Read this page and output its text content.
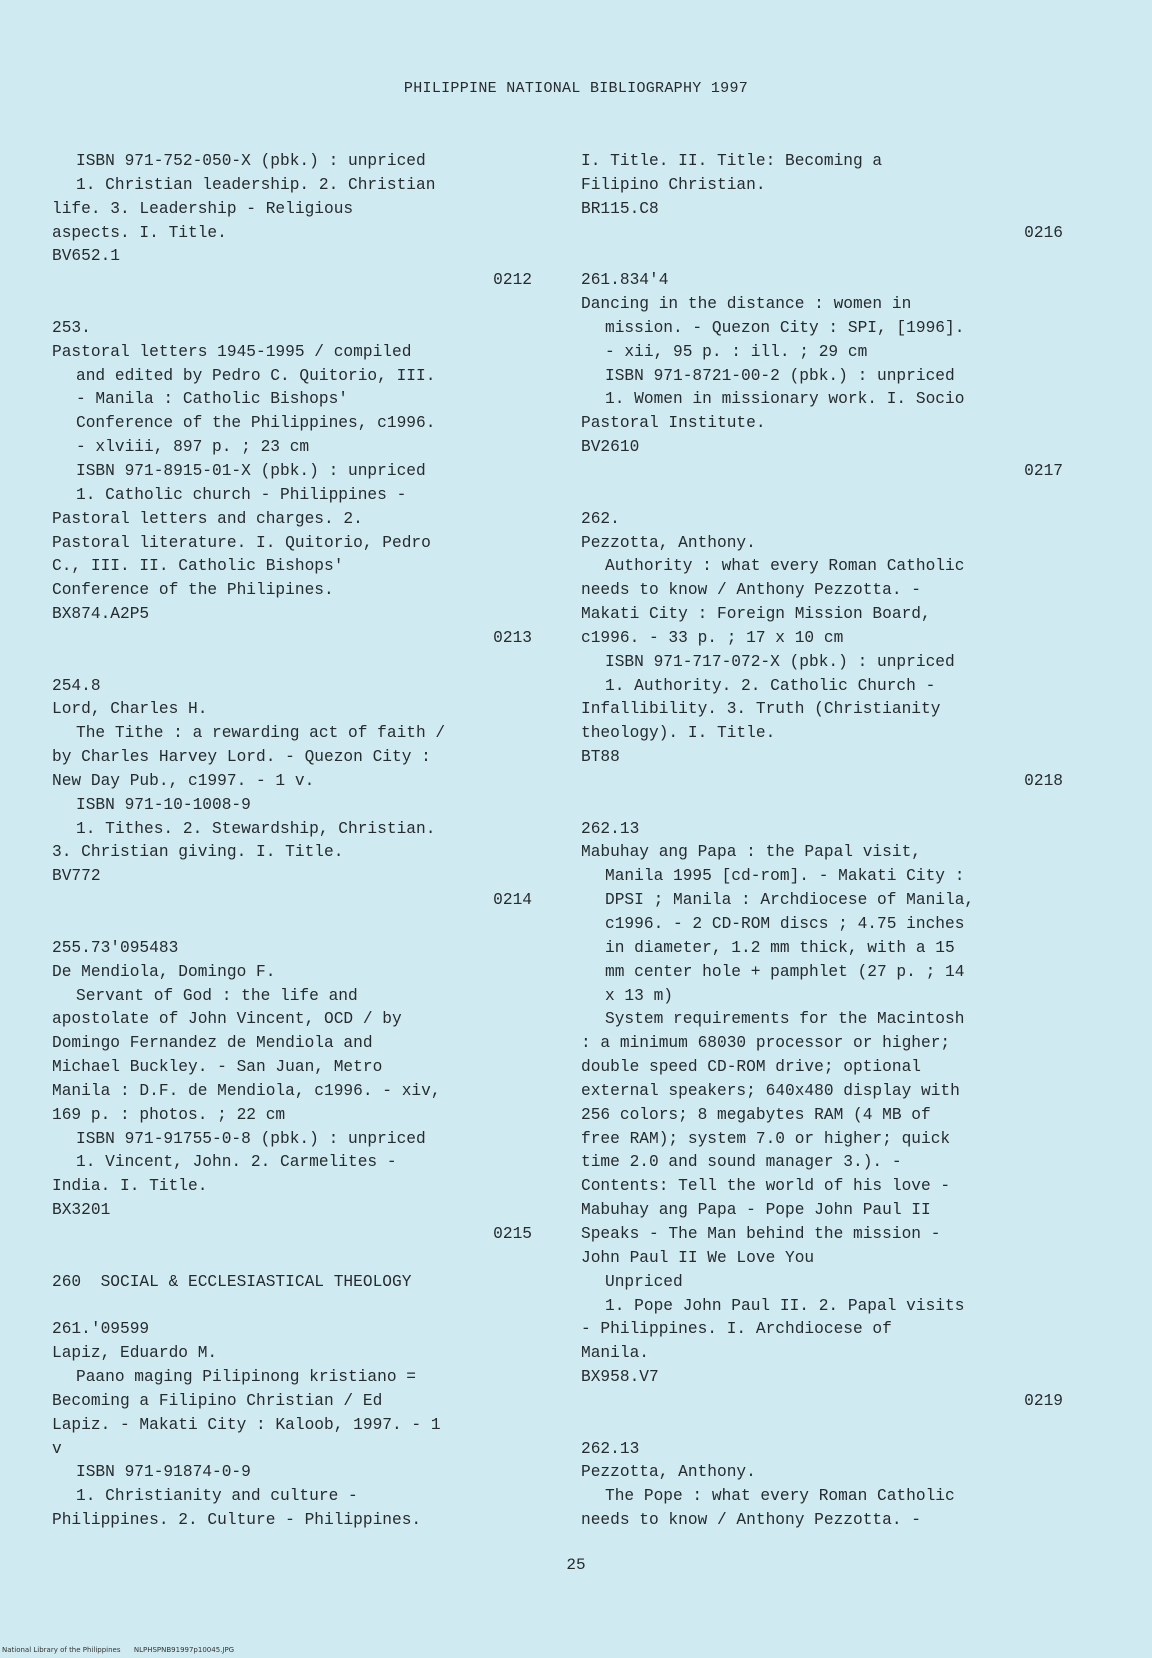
PHILIPPINE NATIONAL BIBLIOGRAPHY 1997
ISBN 971-752-050-X (pbk.) : unpriced
1. Christian leadership. 2. Christian
life. 3. Leadership - Religious
aspects. I. Title.
BV652.1
0212
253.
Pastoral letters 1945-1995 / compiled
and edited by Pedro C. Quitorio, III.
- Manila : Catholic Bishops'
Conference of the Philippines, c1996.
- xlviii, 897 p. ; 23 cm
ISBN 971-8915-01-X (pbk.) : unpriced
1. Catholic church - Philippines -
Pastoral letters and charges. 2.
Pastoral literature. I. Quitorio, Pedro
C., III. II. Catholic Bishops'
Conference of the Philipines.
BX874.A2P5
0213
254.8
Lord, Charles H.
The Tithe : a rewarding act of faith /
by Charles Harvey Lord. - Quezon City :
New Day Pub., c1997. - 1 v.
ISBN 971-10-1008-9
1. Tithes. 2. Stewardship, Christian.
3. Christian giving. I. Title.
BV772
0214
255.73'095483
De Mendiola, Domingo F.
Servant of God : the life and
apostolate of John Vincent, OCD / by
Domingo Fernandez de Mendiola and
Michael Buckley. - San Juan, Metro
Manila : D.F. de Mendiola, c1996. - xiv,
169 p. : photos. ; 22 cm
ISBN 971-91755-0-8 (pbk.) : unpriced
1. Vincent, John. 2. Carmelites -
India. I. Title.
BX3201
0215
260  SOCIAL & ECCLESIASTICAL THEOLOGY
261.'09599
Lapiz, Eduardo M.
Paano maging Pilipinong kristiano =
Becoming a Filipino Christian / Ed
Lapiz. - Makati City : Kaloob, 1997. - 1
v
ISBN 971-91874-0-9
1. Christianity and culture -
Philippines. 2. Culture - Philippines.
I. Title. II. Title: Becoming a
Filipino Christian.
BR115.C8
0216
261.834'4
Dancing in the distance : women in
mission. - Quezon City : SPI, [1996].
- xii, 95 p. : ill. ; 29 cm
ISBN 971-8721-00-2 (pbk.) : unpriced
1. Women in missionary work. I. Socio
Pastoral Institute.
BV2610
0217
262.
Pezzotta, Anthony.
Authority : what every Roman Catholic
needs to know / Anthony Pezzotta. -
Makati City : Foreign Mission Board,
c1996. - 33 p. ; 17 x 10 cm
ISBN 971-717-072-X (pbk.) : unpriced
1. Authority. 2. Catholic Church -
Infallibility. 3. Truth (Christianity
theology). I. Title.
BT88
0218
262.13
Mabuhay ang Papa : the Papal visit,
Manila 1995 [cd-rom]. - Makati City :
DPSI ; Manila : Archdiocese of Manila,
c1996. - 2 CD-ROM discs ; 4.75 inches
in diameter, 1.2 mm thick, with a 15
mm center hole + pamphlet (27 p. ; 14
x 13 m)
System requirements for the Macintosh
: a minimum 68030 processor or higher;
double speed CD-ROM drive; optional
external speakers; 640x480 display with
256 colors; 8 megabytes RAM (4 MB of
free RAM); system 7.0 or higher; quick
time 2.0 and sound manager 3.). -
Contents: Tell the world of his love -
Mabuhay ang Papa - Pope John Paul II
Speaks - The Man behind the mission -
John Paul II We Love You
Unpriced
1. Pope John Paul II. 2. Papal visits
- Philippines. I. Archdiocese of
Manila.
BX958.V7
0219
262.13
Pezzotta, Anthony.
The Pope : what every Roman Catholic
needs to know / Anthony Pezzotta. -
25
National Library of the Philippines      NLPHSPNB91997p10045.JPG
